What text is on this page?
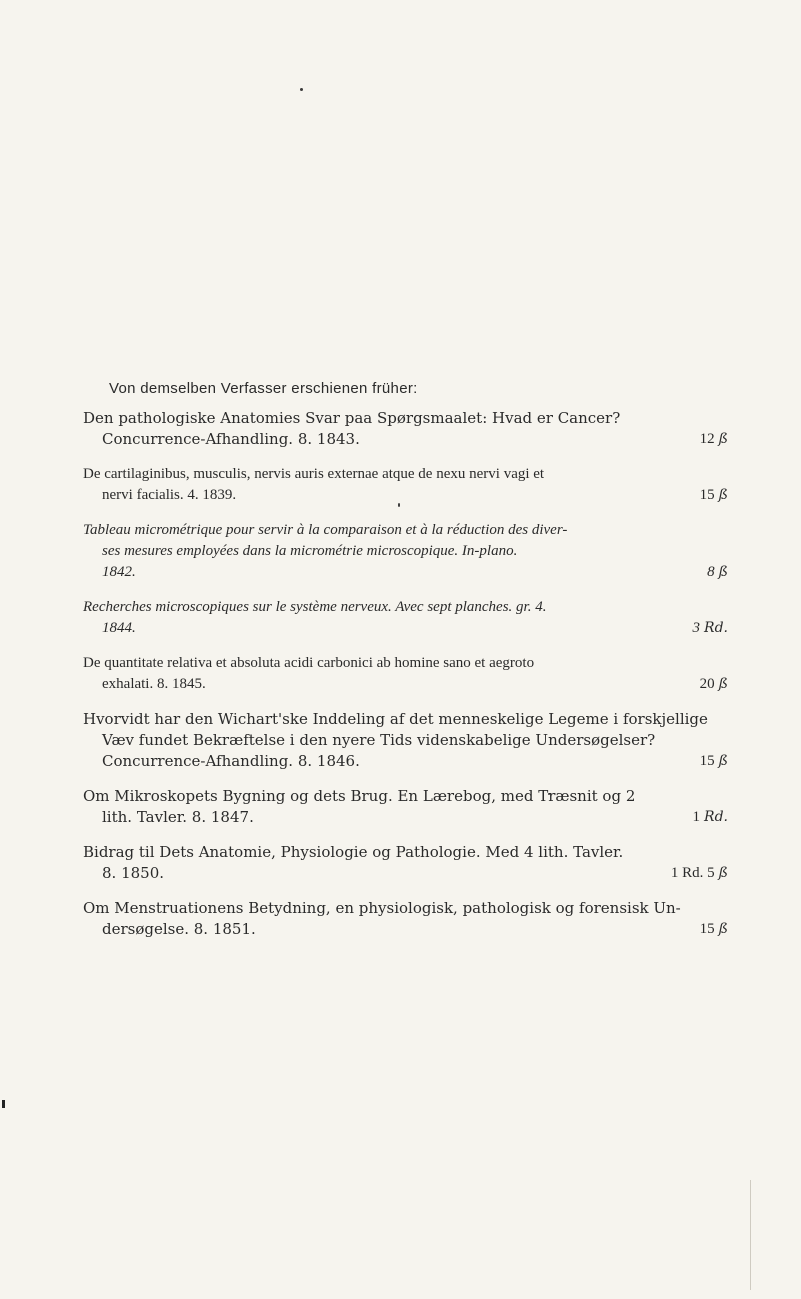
Von demselben Verfasser erschienen früher:
Den pathologiske Anatomies Svar paa Spørgsmaalet: Hvad er Cancer?
Concurrence-Afhandling. 8. 1843.	12 ß
De cartilaginibus, musculis, nervis auris externae atque de nexu nervi vagi et
nervi facialis. 4. 1839.	15 ß
Tableau micrométrique pour servir à la comparaison et à la réduction des diver-
ses mesures employées dans la micrométrie microscopique. In-plano.
1842.	8 ß
Recherches microscopiques sur le système nerveux. Avec sept planches. gr. 4.
1844.	3 Rd.
De quantitate relativa et absoluta acidi carbonici ab homine sano et aegroto
exhalati. 8. 1845.	20 ß
Hvorvidt har den Wichart'ske Inddeling af det menneskelige Legeme i forskjellige
Væv fundet Bekræftelse i den nyere Tids videnskabelige Undersøgelser?
Concurrence-Afhandling. 8. 1846.	15 ß
Om Mikroskopets Bygning og dets Brug. En Lærebog, med Træsnit og 2
lith. Tavler. 8. 1847.	1 Rd.
Bidrag til Dets Anatomie, Physiologie og Pathologie. Med 4 lith. Tavler.
8. 1850.	1 Rd. 5 ß
Om Menstruationens Betydning, en physiologisk, pathologisk og forensisk Un-
dersøgelse. 8. 1851.	15 ß
